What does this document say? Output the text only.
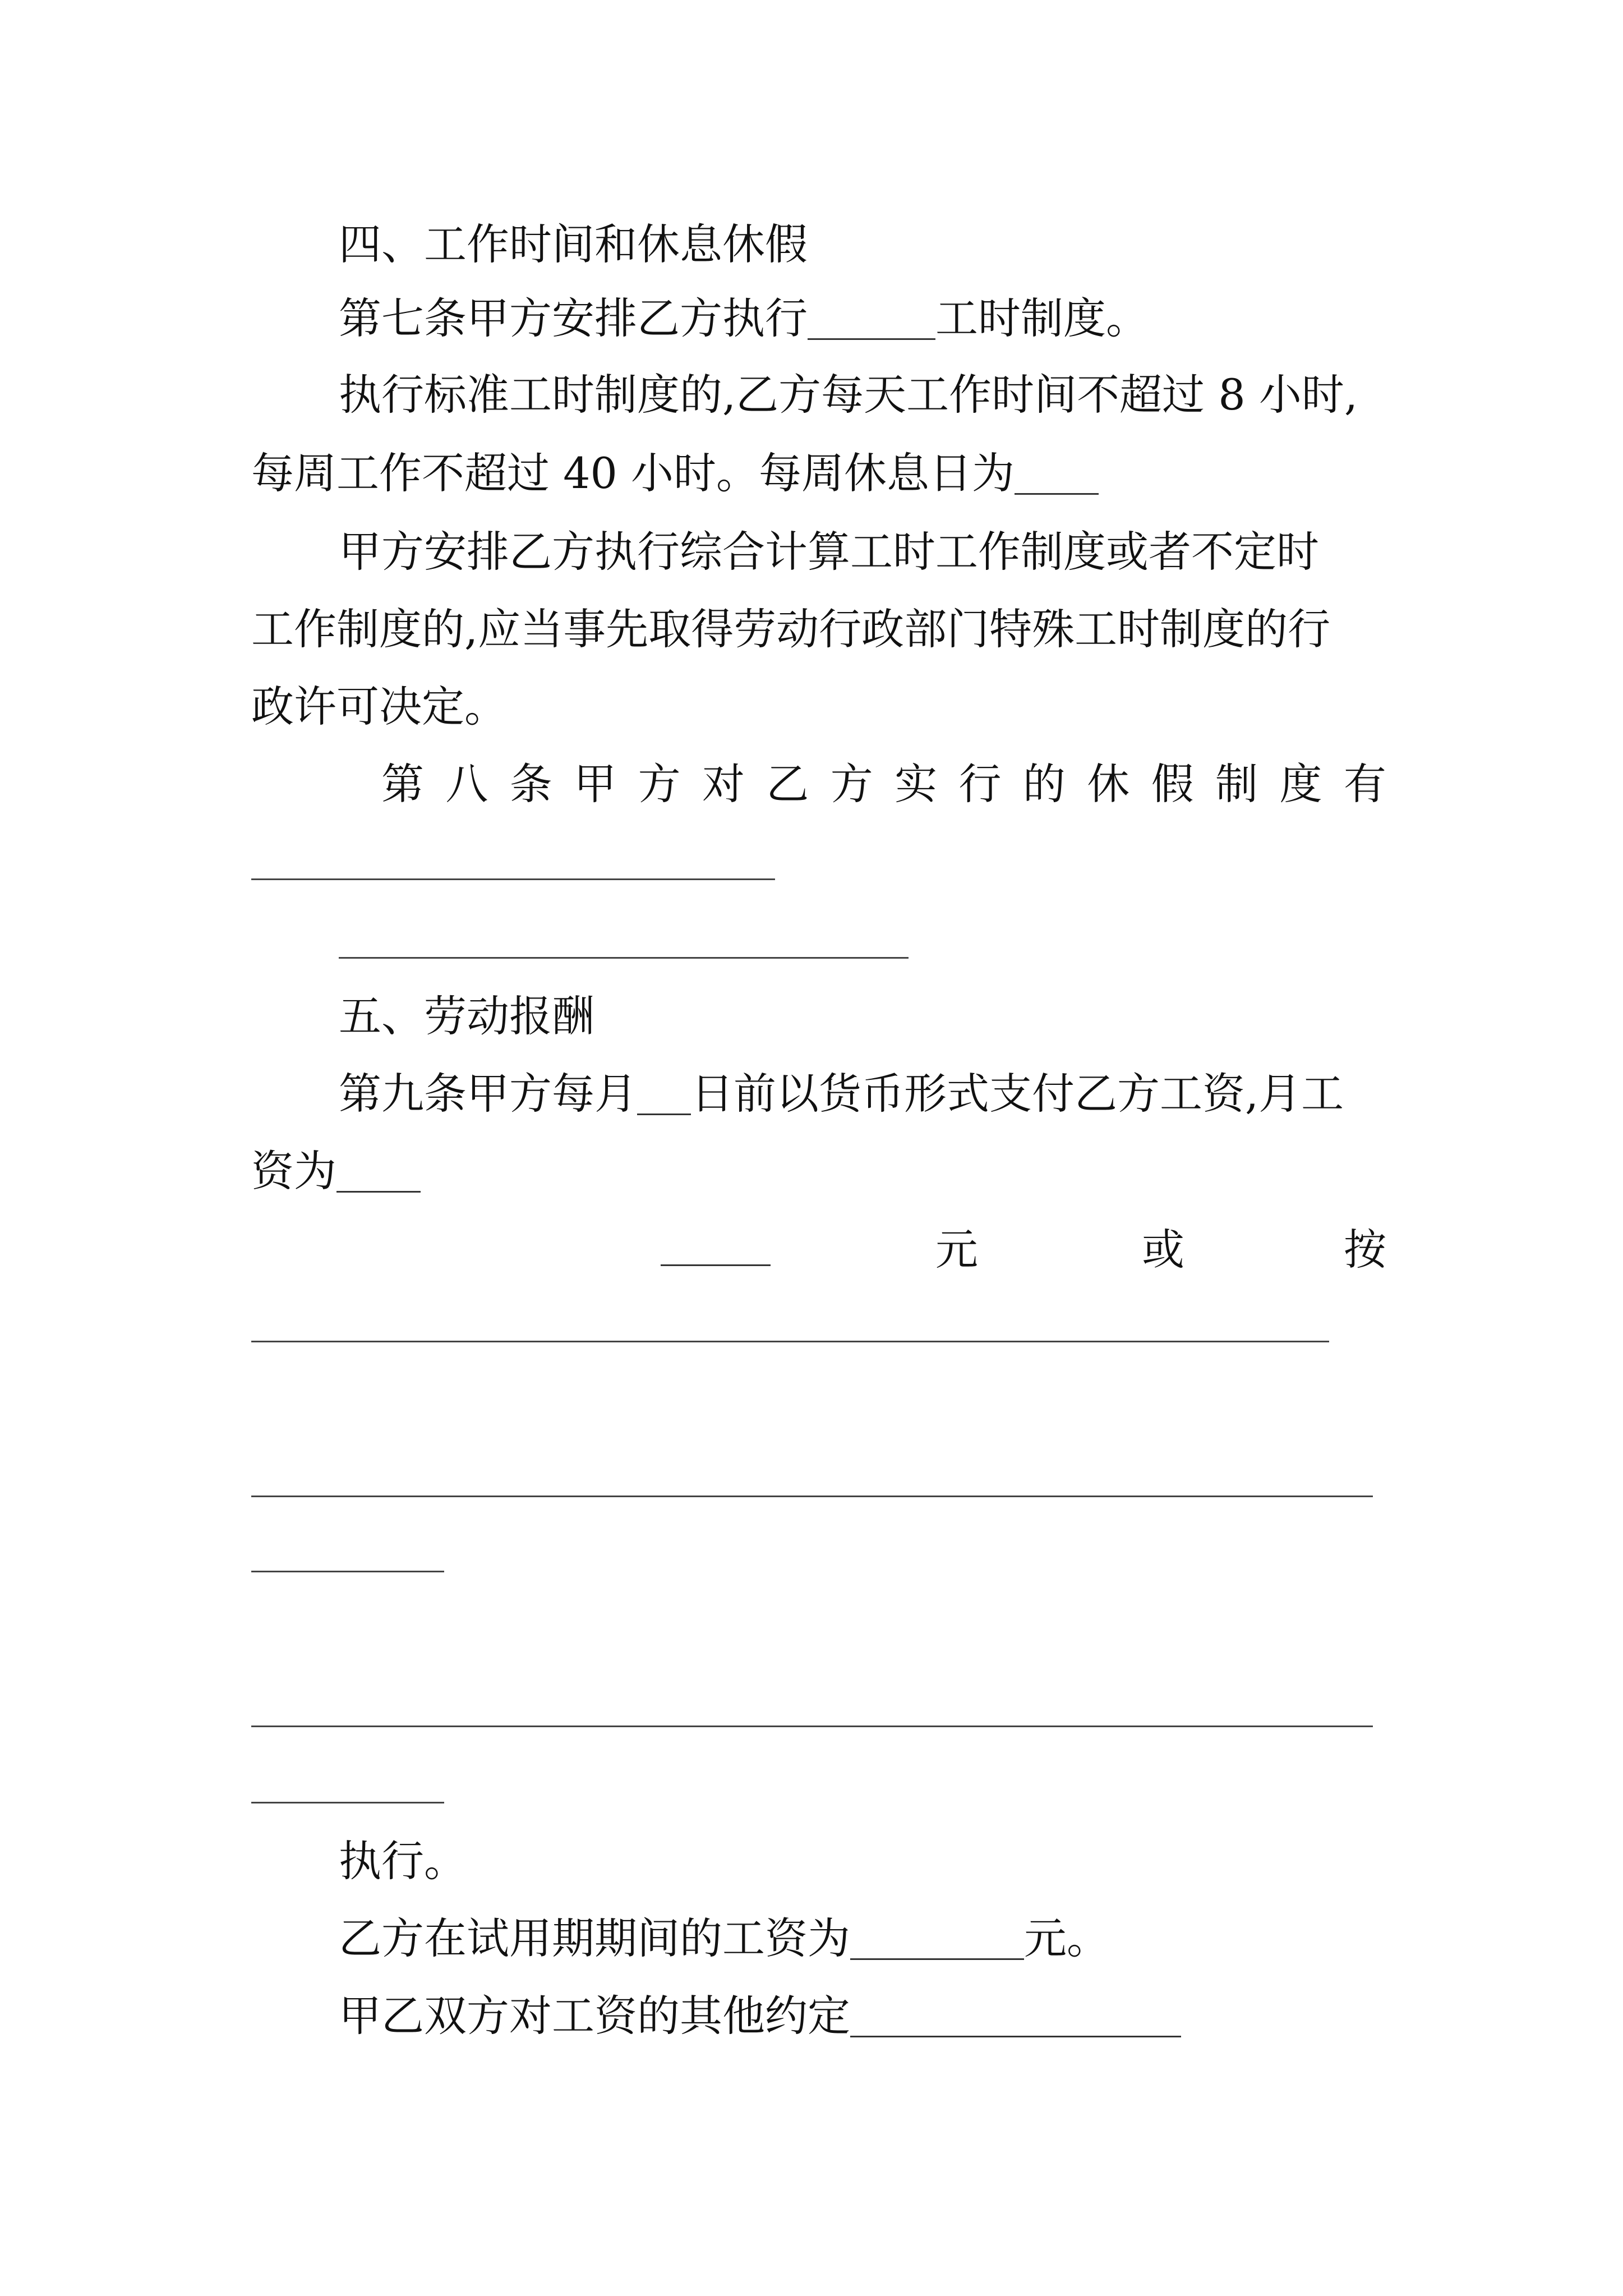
四、工作时间和休息休假
第七条甲方安排乙方执行	工时制度。
执行标准工时制度的,乙方每天工作时间不超过 8 小时,
每周工作不超过 40 小时。每周休息日为
甲方安排乙方执行综合计算工时工作制度或者不定时
工作制度的,应当事先取得劳动行政部门特殊工时制度的行
政许可决定。
第 八 条 甲 方 对 乙 方 实 行 的 休 假 制 度 有
五、劳动报酬
第九条甲方每月 日前以货币形式支付乙方工资,月工
资为
元	或	按
执行。
乙方在试用期期间的工资为	元。
甲乙双方对工资的其他约定
